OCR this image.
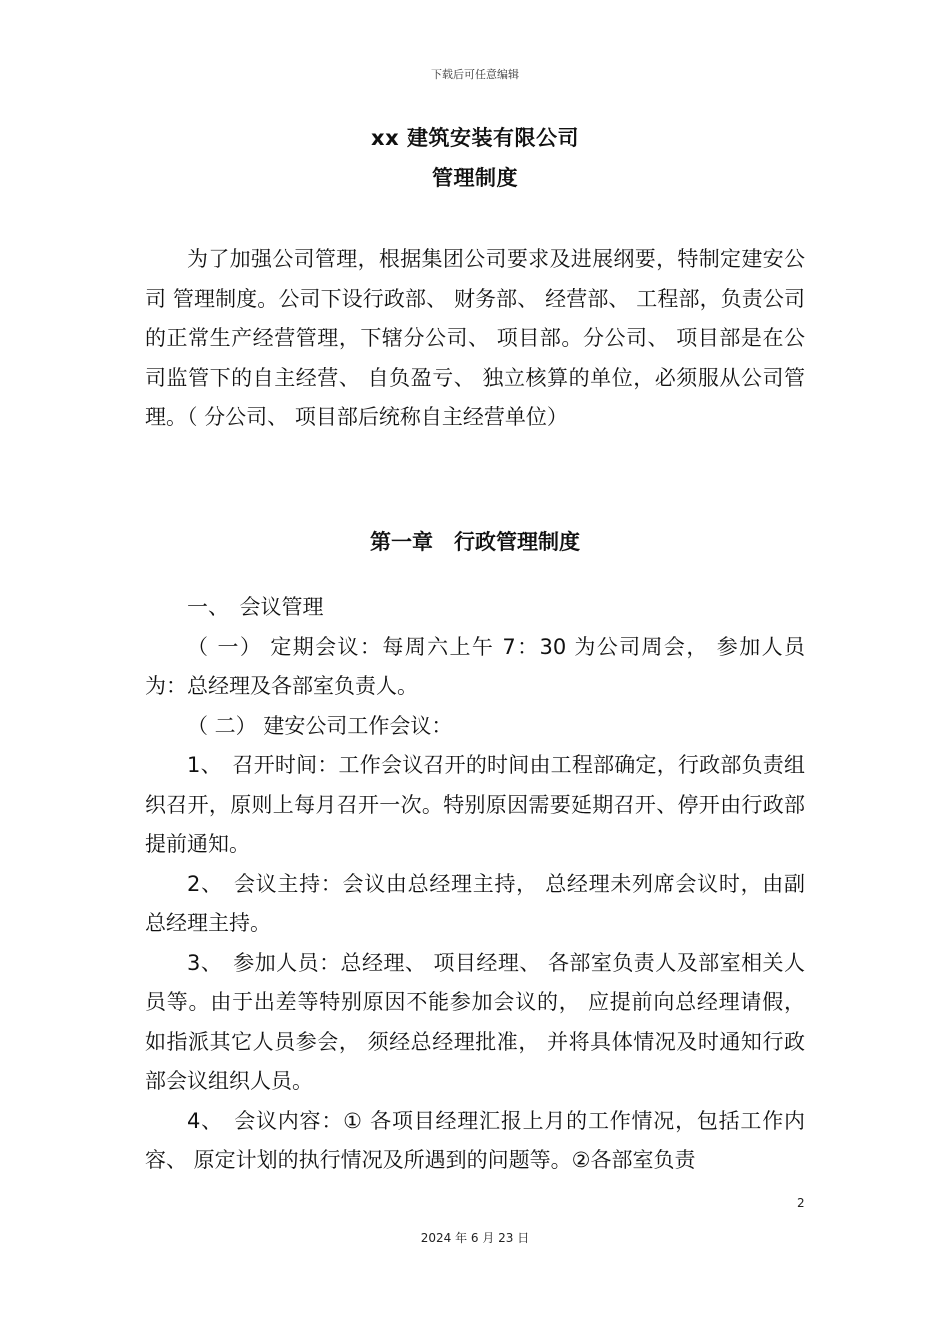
下载后可任意编辑
xx 建筑安装有限公司
管理制度

为了加强公司管理，根据集团公司要求及进展纲要，特制定建安公司 管理制度。公司下设行政部、 财务部、 经营部、 工程部，负责公司的正常生产经营管理，下辖分公司、 项目部。分公司、 项目部是在公司监管下的自主经营、 自负盈亏、 独立核算的单位，必须服从公司管理。（ 分公司、 项目部后统称自主经营单位）

第一章　行政管理制度

一、　会议管理

（ 一） 定期会议：每周六上午 7：30 为公司周会， 参加人员为：总经理及各部室负责人。

（ 二） 建安公司工作会议：

1、　召开时间：工作会议召开的时间由工程部确定，行政部负责组织召开，原则上每月召开一次。特别原因需要延期召开、停开由行政部提前通知。

2、　会议主持：会议由总经理主持， 总经理未列席会议时，由副总经理主持。

3、　参加人员：总经理、 项目经理、 各部室负责人及部室相关人员等。由于出差等特别原因不能参加会议的， 应提前向总经理请假， 如指派其它人员参会， 须经总经理批准， 并将具体情况及时通知行政部会议组织人员。

4、　会议内容：① 各项目经理汇报上月的工作情况，包括工作内容、 原定计划的执行情况及所遇到的问题等。②各部室负责

2
2024 年 6 月 23 日
